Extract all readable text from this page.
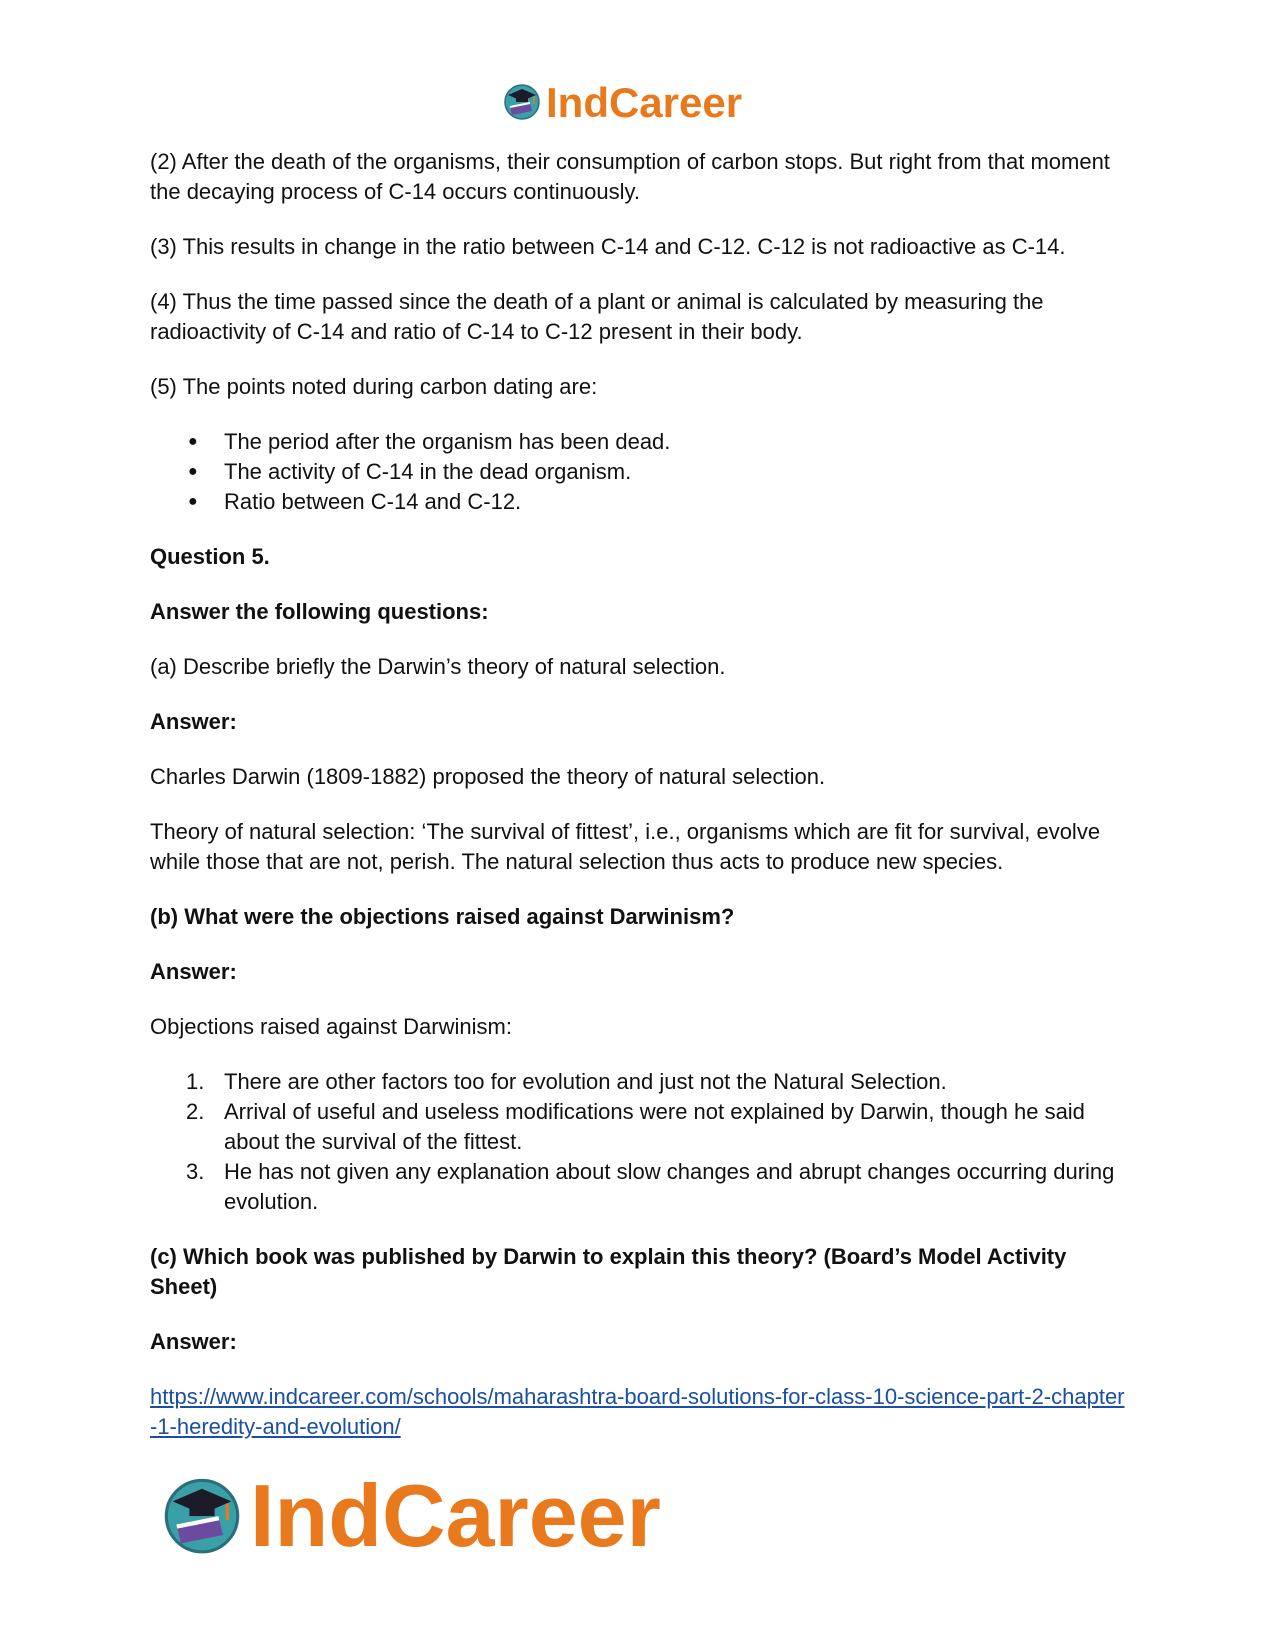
IndCareer

(2) After the death of the organisms, their consumption of carbon stops. But right from that moment the decaying process of C-14 occurs continuously.

(3) This results in change in the ratio between C-14 and C-12. C-12 is not radioactive as C-14.

(4) Thus the time passed since the death of a plant or animal is calculated by measuring the radioactivity of C-14 and ratio of C-14 to C-12 present in their body.

(5) The points noted during carbon dating are:

● The period after the organism has been dead.
● The activity of C-14 in the dead organism.
● Ratio between C-14 and C-12.

Question 5.

Answer the following questions:

(a) Describe briefly the Darwin’s theory of natural selection.

Answer:

Charles Darwin (1809-1882) proposed the theory of natural selection.

Theory of natural selection: ‘The survival of fittest’, i.e., organisms which are fit for survival, evolve while those that are not, perish. The natural selection thus acts to produce new species.

(b) What were the objections raised against Darwinism?

Answer:

Objections raised against Darwinism:

1. There are other factors too for evolution and just not the Natural Selection.
2. Arrival of useful and useless modifications were not explained by Darwin, though he said about the survival of the fittest.
3. He has not given any explanation about slow changes and abrupt changes occurring during evolution.

(c) Which book was published by Darwin to explain this theory? (Board’s Model Activity Sheet)

Answer:

https://www.indcareer.com/schools/maharashtra-board-solutions-for-class-10-science-part-2-chapter-1-heredity-and-evolution/

IndCareer
